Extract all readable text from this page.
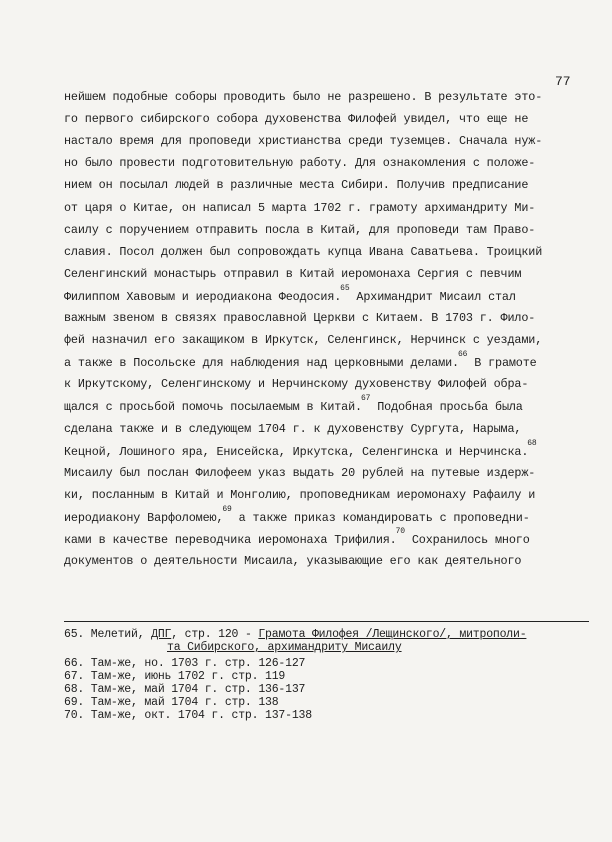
77
нейшем подобные соборы проводить было не разрешено. В результате это-
го первого сибирского собора духовенства Филофей увидел, что еще не
настало время для проповеди христианства среди туземцев. Сначала нуж-
но было провести подготовительную работу. Для ознакомления с положе-
нием он посылал людей в различные места Сибири. Получив предписание
от царя о Китае, он написал 5 марта 1702 г. грамоту архимандриту Ми-
саилу с поручением отправить посла в Китай, для проповеди там Право-
славия. Посол должен был сопровождать купца Ивана Саватьева. Троицкий
Селенгинский монастырь отправил в Китай иеромонаха Сергия с певчим
Филиппом Хавовым и иеродиакона Феодосия.$^{65}$ Архимандрит Мисаил стал
важным звеном в связях православной Церкви с Китаем. В 1703 г. Фило-
фей назначил его закащиком в Иркутск, Селенгинск, Нерчинск с уездами,
а также в Посольске для наблюдения над церковными делами.$^{66}$ В грамоте
к Иркутскому, Селенгинскому и Нерчинскому духовенству Филофей обра-
щался с просьбой помочь посылаемым в Китай.$^{67}$ Подобная просьба была
сделана также и в следующем 1704 г. к духовенству Сургута, Нарыма,
Кецной, Лошиного яра, Енисейска, Иркутска, Селенгинска и Нерчинска.$^{68}$
Мисаилу был послан Филофеем указ выдать 20 рублей на путевые издерж-
ки, посланным в Китай и Монголию, проповедникам иеромонаху Рафаилу и
иеродиакону Варфоломею,$^{69}$ а также приказ командировать с проповедни-
ками в качестве переводчика иеромонаха Трифилия.$^{70}$ Сохранилось много
документов о деятельности Мисаила, указывающие его как деятельного
65. Мелетий, ДПГ, стр. 120 - Грамота Филофея /Лещинского/, митрополи-
та Сибирского, архимандриту Мисаилу
66. Там-же, но. 1703 г. стр. 126-127
67. Там-же, июнь 1702 г. стр. 119
68. Там-же, май 1704 г. стр. 136-137
69. Там-же, май 1704 г. стр. 138
70. Там-же, окт. 1704 г. стр. 137-138
